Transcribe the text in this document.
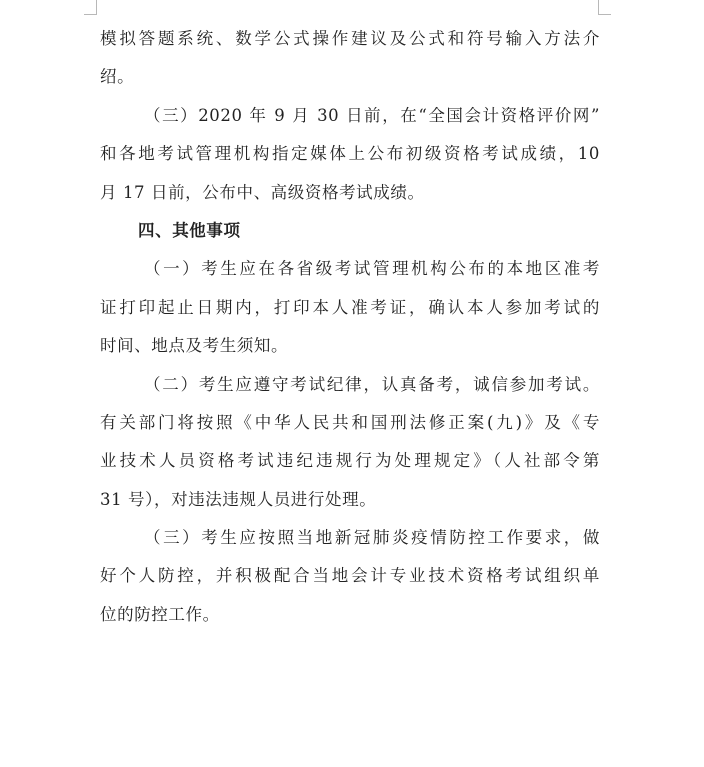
模拟答题系统、数学公式操作建议及公式和符号输入方法介
绍。
（三）2020 年 9 月 30 日前，在“全国会计资格评价网”
和各地考试管理机构指定媒体上公布初级资格考试成绩，10
月 17 日前，公布中、高级资格考试成绩。
四、其他事项
（一）考生应在各省级考试管理机构公布的本地区准考
证打印起止日期内，打印本人准考证，确认本人参加考试的
时间、地点及考生须知。
（二）考生应遵守考试纪律，认真备考，诚信参加考试。
有关部门将按照《中华人民共和国刑法修正案(九)》及《专
业技术人员资格考试违纪违规行为处理规定》（人社部令第
31 号），对违法违规人员进行处理。
（三）考生应按照当地新冠肺炎疫情防控工作要求，做
好个人防控，并积极配合当地会计专业技术资格考试组织单
位的防控工作。
